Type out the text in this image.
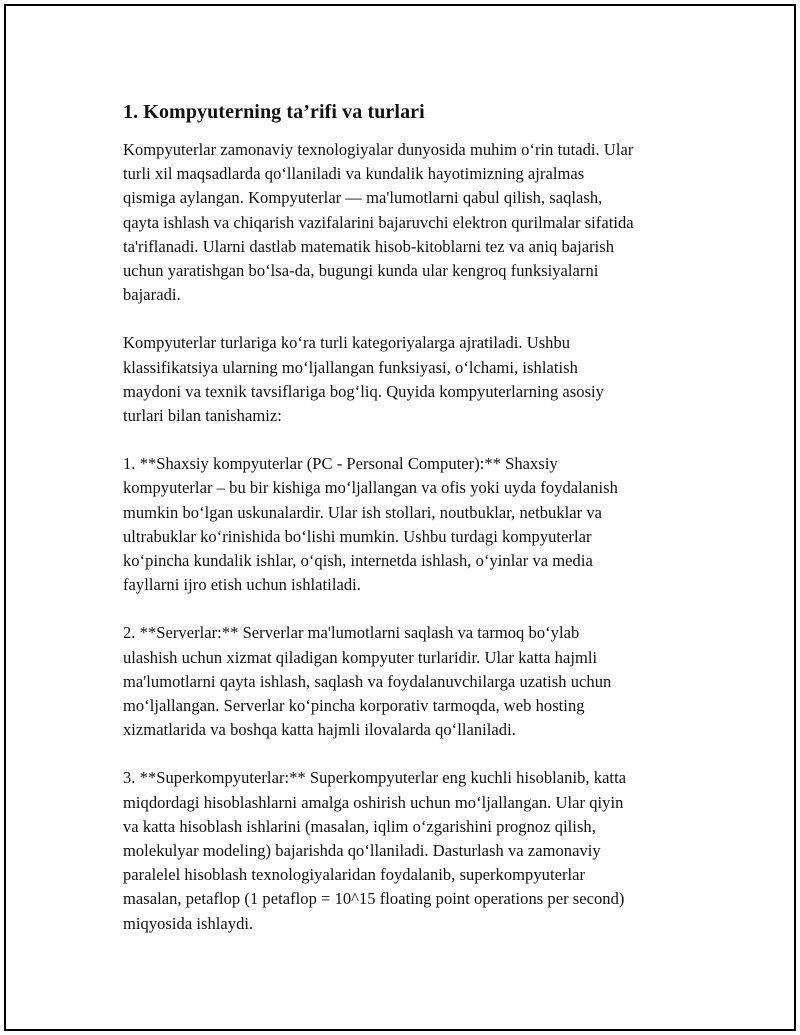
1. Kompyuterning ta’rifi va turlari

Kompyuterlar zamonaviy texnologiyalar dunyosida muhim o‘rin tutadi. Ular
turli xil maqsadlarda qo‘llaniladi va kundalik hayotimizning ajralmas
qismiga aylangan. Kompyuterlar — ma'lumotlarni qabul qilish, saqlash,
qayta ishlash va chiqarish vazifalarini bajaruvchi elektron qurilmalar sifatida
ta'riflanadi. Ularni dastlab matematik hisob-kitoblarni tez va aniq bajarish
uchun yaratishgan bo‘lsa-da, bugungi kunda ular kengroq funksiyalarni
bajaradi.

Kompyuterlar turlariga ko‘ra turli kategoriyalarga ajratiladi. Ushbu
klassifikatsiya ularning mo‘ljallangan funksiyasi, o‘lchami, ishlatish
maydoni va texnik tavsiflariga bog‘liq. Quyida kompyuterlarning asosiy
turlari bilan tanishamiz:

1. **Shaxsiy kompyuterlar (PC - Personal Computer):** Shaxsiy
kompyuterlar – bu bir kishiga mo‘ljallangan va ofis yoki uyda foydalanish
mumkin bo‘lgan uskunalardir. Ular ish stollari, noutbuklar, netbuklar va
ultrabuklar ko‘rinishida bo‘lishi mumkin. Ushbu turdagi kompyuterlar
ko‘pincha kundalik ishlar, o‘qish, internetda ishlash, o‘yinlar va media
fayllarni ijro etish uchun ishlatiladi.

2. **Serverlar:** Serverlar ma'lumotlarni saqlash va tarmoq bo‘ylab
ulashish uchun xizmat qiladigan kompyuter turlaridir. Ular katta hajmli
ma'lumotlarni qayta ishlash, saqlash va foydalanuvchilarga uzatish uchun
mo‘ljallangan. Serverlar ko‘pincha korporativ tarmoqda, web hosting
xizmatlarida va boshqa katta hajmli ilovalarda qo‘llaniladi.

3. **Superkompyuterlar:** Superkompyuterlar eng kuchli hisoblanib, katta
miqdordagi hisoblashlarni amalga oshirish uchun mo‘ljallangan. Ular qiyin
va katta hisoblash ishlarini (masalan, iqlim o‘zgarishini prognoz qilish,
molekulyar modeling) bajarishda qo‘llaniladi. Dasturlash va zamonaviy
paralelel hisoblash texnologiyalaridan foydalanib, superkompyuterlar
masalan, petaflop (1 petaflop = 10^15 floating point operations per second)
miqyosida ishlaydi.
